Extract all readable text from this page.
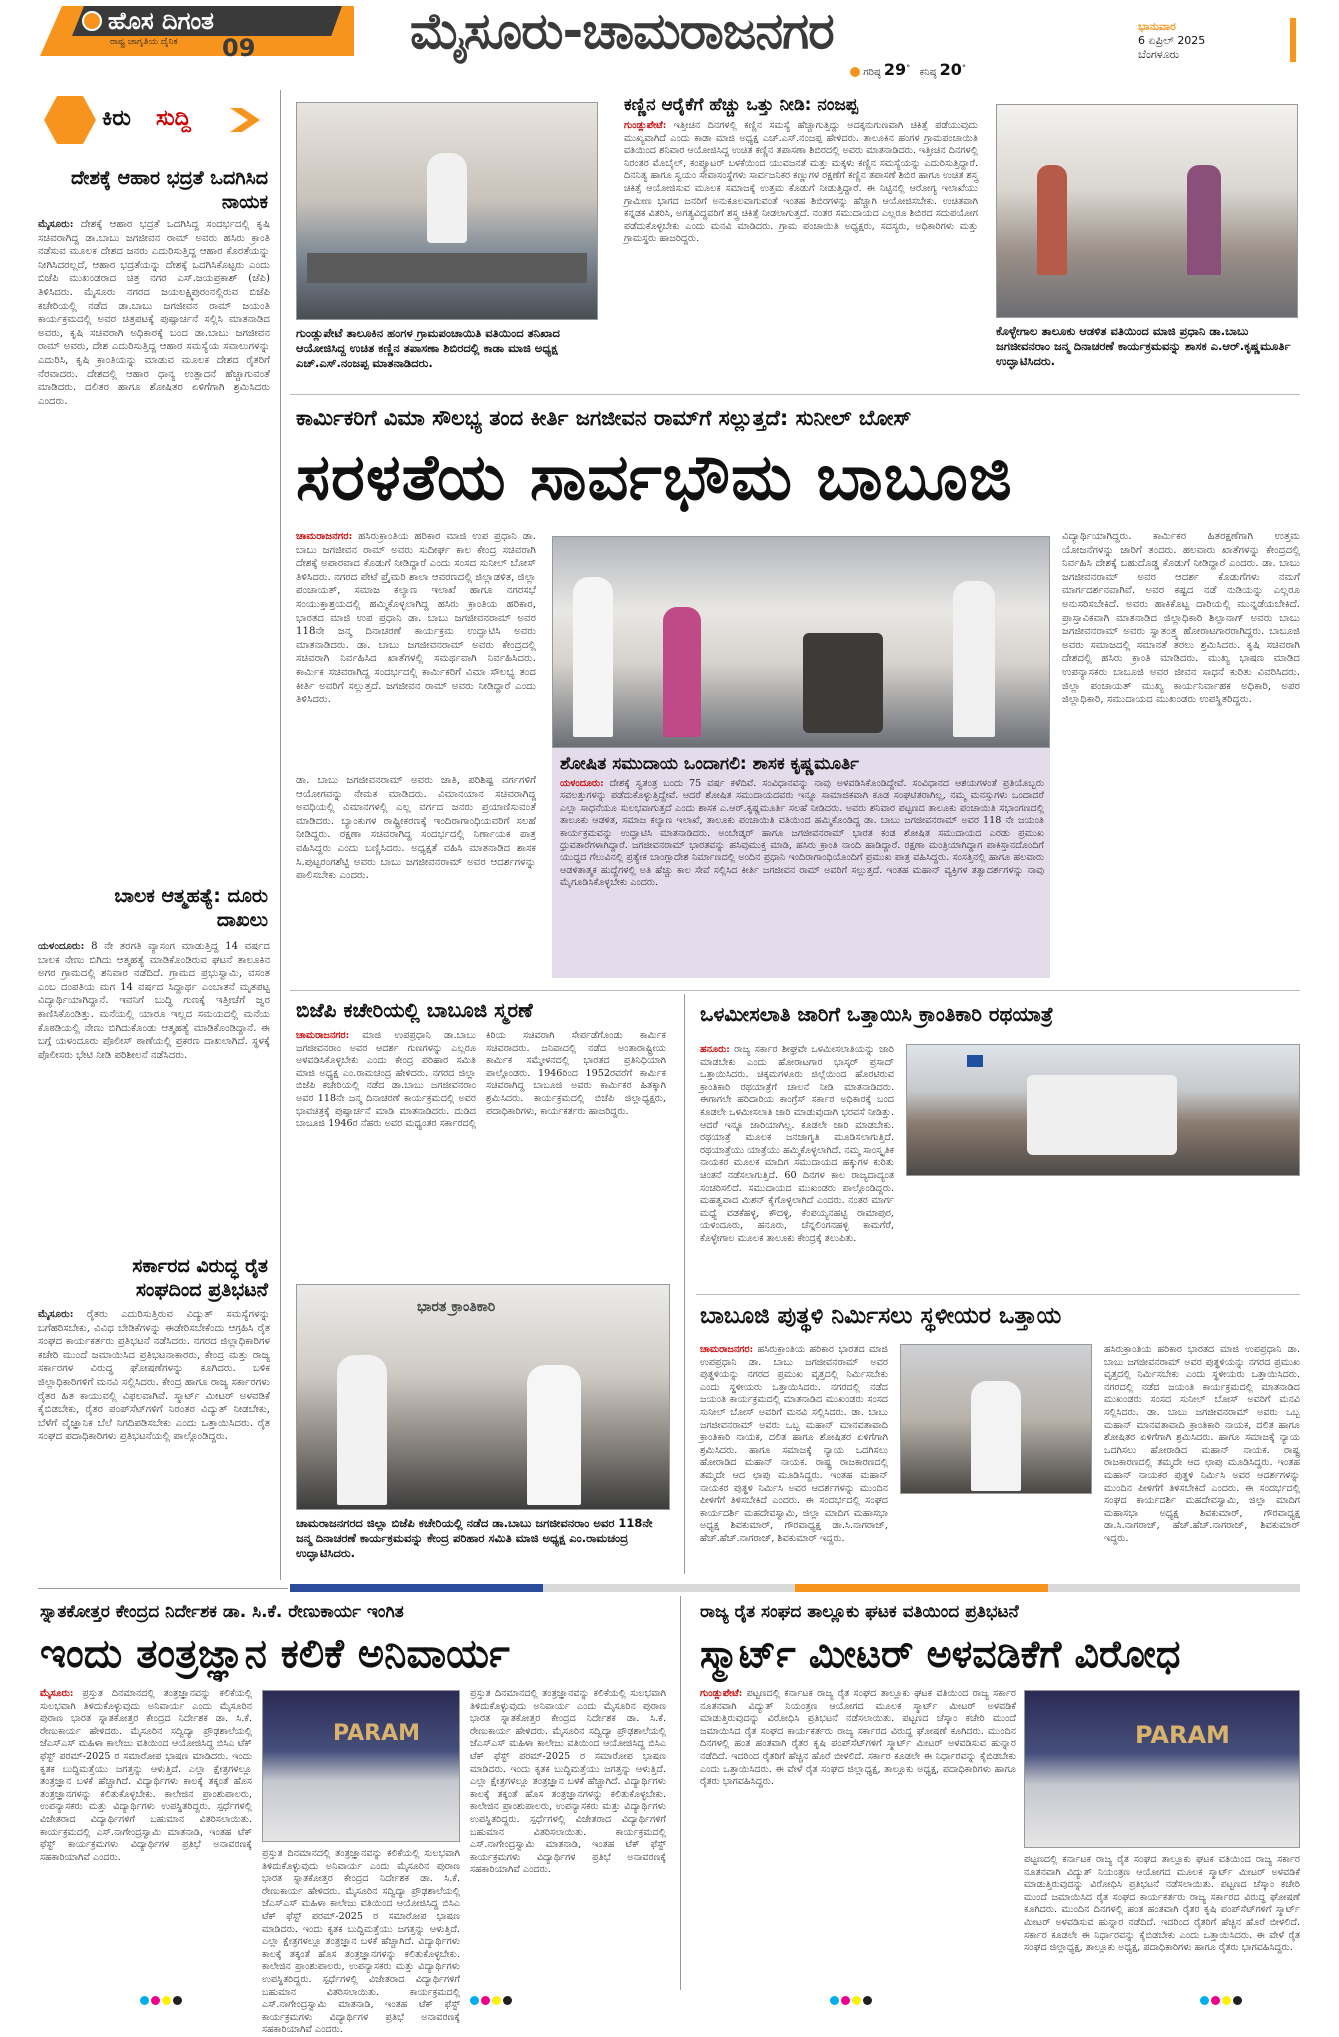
ಹೊಸ ದಿಗಂತ
ರಾಷ್ಟ್ರ ಜಾಗೃತಿಯ ದೈನಿಕ 09	ಮೈಸೂರು-ಚಾಮರಾಜನಗರ
ಗರಿಷ್ಠ 29° ಕನಿಷ್ಠ 20°
ಭಾನುವಾರ
6 ಏಪ್ರಿಲ್ 2025
ಬೆಂಗಳೂರು
ಕಿರು ಸುದ್ದಿ
ದೇಶಕ್ಕೆ ಆಹಾರ ಭದ್ರತೆ ಒದಗಿಸಿದ ನಾಯಕ
ಮೈಸೂರು: ದೇಶಕ್ಕೆ ಆಹಾರ ಭದ್ರತೆ ಒದಗಿಸಿದ್ದ ಸಂದರ್ಭದಲ್ಲಿ ಕೃಷಿ ಸಚಿವರಾಗಿದ್ದ ಡಾ.ಬಾಬು ಜಗಜೀವನ ರಾಮ್ ಅವರು ಹಸಿರು ಕ್ರಾಂತಿ ನಡೆಸುವ ಮೂಲಕ ದೇಶದ ಜನರು ಎದುರಿಸುತ್ತಿದ್ದ ಆಹಾರ ಕೊರತೆಯನ್ನು ನೀಗಿಸಿದರಲ್ಲದೆ, ಆಹಾರ ಭದ್ರತೆಯನ್ನು ದೇಶಕ್ಕೆ ಒದಗಿಸಿಕೊಟ್ಟರು ಎಂದು ಬಿಜೆಪಿ ಮುಖಂಡರಾದ ಚಿತ್ರ ನಗರ ಎಸ್.ಜಯಪ್ರಕಾಶ್ (ಜೆಪಿ) ತಿಳಿಸಿದರು. ಮೈಸೂರು ನಗರದ ಜಯಲಕ್ಷ್ಮಿಪುರಂನಲ್ಲಿರುವ ಬಿಜೆಪಿ ಕಚೇರಿಯಲ್ಲಿ ನಡೆದ ಡಾ.ಬಾಬು ಜಗಜೀವನ ರಾಮ್ ಜಯಂತಿ ಕಾರ್ಯಕ್ರಮದಲ್ಲಿ ಅವರ ಚಿತ್ರಪಟಕ್ಕೆ ಪುಷ್ಪಾರ್ಚನೆ ಸಲ್ಲಿಸಿ ಮಾತನಾಡಿದ ಅವರು, ಕೃಷಿ ಸಚಿವರಾಗಿ ಅಧಿಕಾರಕ್ಕೆ ಬಂದ ಡಾ.ಬಾಬು ಜಗಜೀವನ ರಾಮ್ ಅವರು, ದೇಶ ಎದುರಿಸುತ್ತಿದ್ದ ಆಹಾರ ಸಮಸ್ಯೆಯ ಸವಾಲುಗಳನ್ನು ಎದುರಿಸಿ, ಕೃಷಿ ಕ್ರಾಂತಿಯನ್ನು ಮಾಡುವ ಮೂಲಕ ದೇಶದ ರೈತರಿಗೆ ನೆರವಾದರು. ದೇಶದಲ್ಲಿ ಆಹಾರ ಧಾನ್ಯ ಉತ್ಪಾದನೆ ಹೆಚ್ಚಾಗುವಂತೆ ಮಾಡಿದರು. ದಲಿತರ ಹಾಗೂ ಶೋಷಿತರ ಏಳಿಗೆಗಾಗಿ ಶ್ರಮಿಸಿದರು ಎಂದರು.
ಬಾಲಕ ಆತ್ಮಹತ್ಯೆ: ದೂರು ದಾಖಲು
ಯಳಂದೂರು: 8 ನೇ ತರಗತಿ ವ್ಯಾಸಂಗ ಮಾಡುತ್ತಿದ್ದ 14 ವರ್ಷದ ಬಾಲಕ ನೇಣು ಬಿಗಿದು ಆತ್ಮಹತ್ಯೆ ಮಾಡಿಕೊಂಡಿರುವ ಘಟನೆ ತಾಲೂಕಿನ ಅಗರ ಗ್ರಾಮದಲ್ಲಿ ಶನಿವಾರ ನಡೆದಿದೆ. ಗ್ರಾಮದ ಪ್ರಭುಸ್ವಾಮಿ, ವಸಂತ ಎಂಬ ದಂಪತಿಯ ಮಗ 14 ವರ್ಷದ ಸಿದ್ದಾರ್ಥ ಎಂಬಾತನೆ ಮೃತಪಟ್ಟ ವಿದ್ಯಾರ್ಥಿಯಾಗಿದ್ದಾನೆ. ಇವನಿಗೆ ಬುದ್ಧಿ ಗುಣಕ್ಕೆ ಇತ್ತೀಚೆಗೆ ಜ್ವರ ಕಾಣಿಸಿಕೊಂಡಿತ್ತು. ಮನೆಯಲ್ಲಿ ಯಾರೂ ಇಲ್ಲದ ಸಮಯದಲ್ಲಿ ಮನೆಯ ಕೊಠಡಿಯಲ್ಲಿ ನೇಣು ಬಿಗಿದುಕೊಂಡು ಆತ್ಮಹತ್ಯೆ ಮಾಡಿಕೊಂಡಿದ್ದಾನೆ. ಈ ಬಗ್ಗೆ ಯಳಂದೂರು ಪೊಲೀಸ್ ಠಾಣೆಯಲ್ಲಿ ಪ್ರಕರಣ ದಾಖಲಾಗಿದೆ. ಸ್ಥಳಕ್ಕೆ ಪೊಲೀಸರು ಭೇಟಿ ನೀಡಿ ಪರಿಶೀಲನೆ ನಡೆಸಿದರು.
ಸರ್ಕಾರದ ವಿರುದ್ಧ ರೈತ ಸಂಘದಿಂದ ಪ್ರತಿಭಟನೆ
ಮೈಸೂರು: ರೈತರು ಎದುರಿಸುತ್ತಿರುವ ವಿದ್ಯುತ್ ಸಮಸ್ಯೆಗಳನ್ನು ಬಗೆಹರಿಸಬೇಕು, ವಿವಿಧ ಬೇಡಿಕೆಗಳನ್ನು ಈಡೇರಿಸಬೇಕೆಂದು ಆಗ್ರಹಿಸಿ ರೈತ ಸಂಘದ ಕಾರ್ಯಕರ್ತರು ಪ್ರತಿಭಟನೆ ನಡೆಸಿದರು. ನಗರದ ಜಿಲ್ಲಾಧಿಕಾರಿಗಳ ಕಚೇರಿ ಮುಂದೆ ಜಮಾಯಿಸಿದ ಪ್ರತಿಭಟನಾಕಾರರು, ಕೇಂದ್ರ ಮತ್ತು ರಾಜ್ಯ ಸರ್ಕಾರಗಳ ವಿರುದ್ಧ ಘೋಷಣೆಗಳನ್ನು ಕೂಗಿದರು. ಬಳಿಕ ಜಿಲ್ಲಾಧಿಕಾರಿಗಳಿಗೆ ಮನವಿ ಸಲ್ಲಿಸಿದರು. ಕೇಂದ್ರ ಹಾಗೂ ರಾಜ್ಯ ಸರ್ಕಾರಗಳು ರೈತರ ಹಿತ ಕಾಯುವಲ್ಲಿ ವಿಫಲವಾಗಿವೆ. ಸ್ಮಾರ್ಟ್ ಮೀಟರ್ ಅಳವಡಿಕೆ ಕೈಬಿಡಬೇಕು, ರೈತರ ಪಂಪ್‌ಸೆಟ್‌ಗಳಿಗೆ ನಿರಂತರ ವಿದ್ಯುತ್ ನೀಡಬೇಕು, ಬೆಳೆಗೆ ವೈಜ್ಞಾನಿಕ ಬೆಲೆ ನಿಗದಿಪಡಿಸಬೇಕು ಎಂದು ಒತ್ತಾಯಿಸಿದರು. ರೈತ ಸಂಘದ ಪದಾಧಿಕಾರಿಗಳು ಪ್ರತಿಭಟನೆಯಲ್ಲಿ ಪಾಲ್ಗೊಂಡಿದ್ದರು.
ಗುಂಡ್ಲುಪೇಟೆ ತಾಲೂಕಿನ ಹಂಗಳ ಗ್ರಾಮಪಂಚಾಯಿತಿ ವತಿಯಿಂದ ತನಿಖಾದ ಆಯೋಜಿಸಿದ್ದ ಉಚಿತ ಕಣ್ಣಿನ ತಪಾಸಣಾ ಶಿಬಿರದಲ್ಲಿ ಕಾಡಾ ಮಾಜಿ ಅಧ್ಯಕ್ಷ ಎಚ್.ಎಸ್.ನಂಜಪ್ಪ ಮಾತನಾಡಿದರು.
ಕಣ್ಣಿನ ಆರೈಕೆಗೆ ಹೆಚ್ಚು ಒತ್ತು ನೀಡಿ: ನಂಜಪ್ಪ
ಗುಂಡ್ಲುಪೇಟೆ: ಇತ್ತೀಚಿನ ದಿನಗಳಲ್ಲಿ ಕಣ್ಣಿನ ಸಮಸ್ಯೆ ಹೆಚ್ಚಾಗುತ್ತಿದ್ದು ಅದಕ್ಕನುಗುಣವಾಗಿ ಚಿಕಿತ್ಸೆ ಪಡೆಯುವುದು ಮುಖ್ಯವಾಗಿದೆ ಎಂದು ಕಾಡಾ ಮಾಜಿ ಅಧ್ಯಕ್ಷ ಎಚ್.ಎಸ್.ನಂಜಪ್ಪ ಹೇಳಿದರು. ತಾಲೂಕಿನ ಹಂಗಳ ಗ್ರಾಮಪಂಚಾಯಿತಿ ವತಿಯಿಂದ ಶನಿವಾರ ಆಯೋಜಿಸಿದ್ದ ಉಚಿತ ಕಣ್ಣಿನ ತಪಾಸಣಾ ಶಿಬಿರದಲ್ಲಿ ಅವರು ಮಾತನಾಡಿದರು. ಇತ್ತೀಚಿನ ದಿನಗಳಲ್ಲಿ ನಿರಂತರ ಮೊಬೈಲ್, ಕಂಪ್ಯೂಟರ್ ಬಳಕೆಯಿಂದ ಯುವಜನತೆ ಮತ್ತು ಮಕ್ಕಳು ಕಣ್ಣಿನ ಸಮಸ್ಯೆಯನ್ನು ಎದುರಿಸುತ್ತಿದ್ದಾರೆ. ದಿನನಿತ್ಯ ಹಾಗೂ ಸ್ವಯಂ ಸೇವಾಸಂಸ್ಥೆಗಳು ಸಾರ್ವಜನಿಕರ ಕಣ್ಣುಗಳ ರಕ್ಷಣೆಗೆ ಕಣ್ಣಿನ ತಪಾಸಣೆ ಶಿಬಿರ ಹಾಗೂ ಉಚಿತ ಶಸ್ತ್ರ ಚಿಕಿತ್ಸೆ ಆಯೋಜಿಸುವ ಮೂಲಕ ಸಮಾಜಕ್ಕೆ ಉತ್ತಮ ಕೊಡುಗೆ ನೀಡುತ್ತಿದ್ದಾರೆ. ಈ ನಿಟ್ಟಿನಲ್ಲಿ ಆರೋಗ್ಯ ಇಲಾಖೆಯು ಗ್ರಾಮೀಣ ಭಾಗದ ಜನರಿಗೆ ಅನುಕೂಲವಾಗುವಂತೆ ಇಂತಹ ಶಿಬಿರಗಳನ್ನು ಹೆಚ್ಚಾಗಿ ಆಯೋಜಿಸಬೇಕು. ಉಚಿತವಾಗಿ ಕನ್ನಡಕ ವಿತರಿಸಿ, ಅಗತ್ಯವಿದ್ದವರಿಗೆ ಶಸ್ತ್ರ ಚಿಕಿತ್ಸೆ ನೀಡಲಾಗುತ್ತದೆ. ನಂತರ ಸಮುದಾಯದ ಎಲ್ಲರೂ ಶಿಬಿರದ ಸದುಪಯೋಗ ಪಡೆದುಕೊಳ್ಳಬೇಕು ಎಂದು ಮನವಿ ಮಾಡಿದರು. ಗ್ರಾಮ ಪಂಚಾಯಿತಿ ಅಧ್ಯಕ್ಷರು, ಸದಸ್ಯರು, ಅಧಿಕಾರಿಗಳು ಮತ್ತು ಗ್ರಾಮಸ್ಥರು ಹಾಜರಿದ್ದರು.
ಕೊಳ್ಳೇಗಾಲ ತಾಲೂಕು ಆಡಳಿತ ವತಿಯಿಂದ ಮಾಜಿ ಪ್ರಧಾನಿ ಡಾ.ಬಾಬು ಜಗಜೀವನರಾಂ ಜನ್ಮ ದಿನಾಚರಣೆ ಕಾರ್ಯಕ್ರಮವನ್ನು ಶಾಸಕ ಎ.ಆರ್.ಕೃಷ್ಣಮೂರ್ತಿ ಉದ್ಘಾಟಿಸಿದರು.
ಕಾರ್ಮಿಕರಿಗೆ ವಿಮಾ ಸೌಲಭ್ಯ ತಂದ ಕೀರ್ತಿ ಜಗಜೀವನ ರಾಮ್‌ಗೆ ಸಲ್ಲುತ್ತದೆ: ಸುನೀಲ್ ಬೋಸ್
ಸರಳತೆಯ ಸಾರ್ವಭೌಮ ಬಾಬೂಜಿ
ಚಾಮರಾಜನಗರ: ಹಸಿರುಕ್ರಾಂತಿಯ ಹರಿಕಾರ ಮಾಜಿ ಉಪ ಪ್ರಧಾನಿ ಡಾ. ಬಾಬು ಜಗಜೀವನ ರಾಮ್ ಅವರು ಸುದೀರ್ಘ ಕಾಲ ಕೇಂದ್ರ ಸಚಿವರಾಗಿ ದೇಶಕ್ಕೆ ಅಪಾರವಾದ ಕೊಡುಗೆ ನೀಡಿದ್ದಾರೆ ಎಂದು ಸಂಸದ ಸುನೀಲ್ ಬೋಸ್ ತಿಳಿಸಿದರು. ನಗರದ ಪೇಟೆ ಪ್ರೈಮರಿ ಶಾಲಾ ಆವರಣದಲ್ಲಿ ಜಿಲ್ಲಾಡಳಿತ, ಜಿಲ್ಲಾ ಪಂಚಾಯತ್, ಸಮಾಜ ಕಲ್ಯಾಣ ಇಲಾಖೆ ಹಾಗೂ ನಗರಸಭೆ ಸಂಯುಕ್ತಾಶ್ರಯದಲ್ಲಿ ಹಮ್ಮಿಕೊಳ್ಳಲಾಗಿದ್ದ ಹಸಿರು ಕ್ರಾಂತಿಯ ಹರಿಕಾರ, ಭಾರತದ ಮಾಜಿ ಉಪ ಪ್ರಧಾನಿ ಡಾ. ಬಾಬು ಜಗಜೀವನರಾಮ್ ಅವರ 118ನೇ ಜನ್ಮ ದಿನಾಚರಣೆ ಕಾರ್ಯಕ್ರಮ ಉದ್ಘಾಟಿಸಿ ಅವರು ಮಾತನಾಡಿದರು. ಡಾ. ಬಾಬು ಜಗಜೀವನರಾಮ್ ಅವರು ಕೇಂದ್ರದಲ್ಲಿ ಸಚಿವರಾಗಿ ನಿರ್ವಹಿಸಿದ ಖಾತೆಗಳಲ್ಲಿ ಸಮರ್ಥವಾಗಿ ನಿರ್ವಹಿಸಿದರು. ಕಾರ್ಮಿಕ ಸಚಿವರಾಗಿದ್ದ ಸಂದರ್ಭದಲ್ಲಿ ಕಾರ್ಮಿಕರಿಗೆ ವಿಮಾ ಸೌಲಭ್ಯ ತಂದ ಕೀರ್ತಿ ಅವರಿಗೆ ಸಲ್ಲುತ್ತದೆ. ಜಗಜೀವನ ರಾಮ್ ಅವರು ನೀಡಿದ್ದಾರೆ ಎಂದು ತಿಳಿಸಿದರು.
ಶೋಷಿತ ಸಮುದಾಯ ಒಂದಾಗಲಿ: ಶಾಸಕ ಕೃಷ್ಣಮೂರ್ತಿ
ಯಳಂದೂರು: ದೇಶಕ್ಕೆ ಸ್ವತಂತ್ರ ಬಂದು 75 ವರ್ಷ ಕಳೆದಿವೆ. ಸಂವಿಧಾನವನ್ನು ನಾವು ಅಳವಡಿಸಿಕೊಂಡಿದ್ದೇವೆ. ಸಂವಿಧಾನದ ಆಶಯಗಳಂತೆ ಪ್ರತಿಯೊಬ್ಬರು ಸವಲತ್ತುಗಳನ್ನು ಪಡೆದುಕೊಳ್ಳುತ್ತಿದ್ದೇವೆ. ಆದರೆ ಶೋಷಿತ ಸಮುದಾಯದವರು ಇನ್ನೂ ಸಾಮಾಜಿಕವಾಗಿ ಕೂಡ ಸಂಘಟಿತರಾಗಿಲ್ಲ, ನಮ್ಮ ಮನಸ್ಸುಗಳು ಒಂದಾದರೆ ಎಲ್ಲಾ ಸಾಧನೆಯೂ ಸುಲಭವಾಗುತ್ತದೆ ಎಂದು ಶಾಸಕ ಎ.ಆರ್.ಕೃಷ್ಣಮೂರ್ತಿ ಸಲಹೆ ನೀಡಿದರು. ಅವರು ಶನಿವಾರ ಪಟ್ಟಣದ ತಾಲೂಕು ಪಂಚಾಯಿತಿ ಸಭಾಂಗಣದಲ್ಲಿ ತಾಲೂಕು ಆಡಳಿತ, ಸಮಾಜ ಕಲ್ಯಾಣ ಇಲಾಖೆ, ತಾಲೂಕು ಪಂಚಾಯಿತಿ ವತಿಯಿಂದ ಹಮ್ಮಿಕೊಂಡಿದ್ದ ಡಾ. ಬಾಬು ಜಗಜೀವನರಾಮ್ ಅವರ 118 ನೇ ಜಯಂತಿ ಕಾರ್ಯಕ್ರಮವನ್ನು ಉದ್ಘಾಟಿಸಿ ಮಾತನಾಡಿದರು. ಅಂಬೇಡ್ಕರ್ ಹಾಗೂ ಜಗಜೀವನರಾಮ್ ಭಾರತ ಕಂಡ ಶೋಷಿತ ಸಮುದಾಯದ ಎರಡು ಪ್ರಮುಖ ಧ್ರುವತಾರೆಗಳಾಗಿದ್ದಾರೆ. ಜಗಜೀವನರಾಮ್ ಭಾರತವನ್ನು ಹಸಿವುಮುಕ್ತ ಮಾಡಿ, ಹಸಿರು ಕ್ರಾಂತಿ ನಾಂದಿ ಹಾಡಿದ್ದಾರೆ. ರಕ್ಷಣಾ ಮಂತ್ರಿಯಾಗಿದ್ದಾಗ ಪಾಕಿಸ್ತಾನದೊಂದಿಗೆ ಯುದ್ಧದ ಗೆಲುವಿನಲ್ಲಿ ಪ್ರತ್ಯೇಕ ಬಾಂಗ್ಲಾದೇಶ ನಿರ್ಮಾಣದಲ್ಲಿ ಅಂದಿನ ಪ್ರಧಾನಿ ಇಂದಿರಾಗಾಂಧಿಯೊಂದಿಗೆ ಪ್ರಮುಖ ಪಾತ್ರ ವಹಿಸಿದ್ದರು. ಸಂಸತ್ತಿನಲ್ಲಿ ಹಾಗೂ ಹಲವಾರು ಆಡಳಿತಾತ್ಮಕ ಹುದ್ದೆಗಳಲ್ಲಿ ಅತಿ ಹೆಚ್ಚು ಕಾಲ ಸೇವೆ ಸಲ್ಲಿಸಿದ ಕೀರ್ತಿ ಜಗಜೀವನ ರಾಮ್ ಅವರಿಗೆ ಸಲ್ಲುತ್ತದೆ. ಇಂತಹ ಮಹಾನ್ ವ್ಯಕ್ತಿಗಳ ತತ್ವಾದರ್ಶಗಳನ್ನು ನಾವು ಮೈಗೂಡಿಸಿಕೊಳ್ಳಬೇಕು ಎಂದರು.
ಡಾ. ಬಾಬು ಜಗಜೀವನರಾಮ್ ಅವರು ಜಾತಿ, ಪರಿಶಿಷ್ಟ ವರ್ಗಗಳಿಗೆ ಆಯೋಗವನ್ನು ನೇಮಕ ಮಾಡಿದರು. ವಿಮಾನಯಾನ ಸಚಿವರಾಗಿದ್ದ ಅವಧಿಯಲ್ಲಿ ವಿಮಾನಗಳಲ್ಲಿ ಎಲ್ಲ ವರ್ಗದ ಜನರು ಪ್ರಯಾಣಿಸುವಂತೆ ಮಾಡಿದರು. ಬ್ಯಾಂಕುಗಳ ರಾಷ್ಟ್ರೀಕರಣಕ್ಕೆ ಇಂದಿರಾಗಾಂಧಿಯವರಿಗೆ ಸಲಹೆ ನೀಡಿದ್ದರು. ರಕ್ಷಣಾ ಸಚಿವರಾಗಿದ್ದ ಸಂದರ್ಭದಲ್ಲಿ ನಿರ್ಣಾಯಕ ಪಾತ್ರ ವಹಿಸಿದ್ದರು ಎಂದು ಬಣ್ಣಿಸಿದರು. ಅಧ್ಯಕ್ಷತೆ ವಹಿಸಿ ಮಾತನಾಡಿದ ಶಾಸಕ ಸಿ.ಪುಟ್ಟರಂಗಶೆಟ್ಟಿ ಅವರು ಬಾಬು ಜಗಜೀವನರಾಮ್ ಅವರ ಆದರ್ಶಗಳನ್ನು ಪಾಲಿಸಬೇಕು ಎಂದರು.
ವಿದ್ಯಾರ್ಥಿಯಾಗಿದ್ದರು. ಕಾರ್ಮಿಕರ ಹಿತರಕ್ಷಣೆಗಾಗಿ ಉತ್ತಮ ಯೋಜನೆಗಳನ್ನು ಜಾರಿಗೆ ತಂದರು. ಹಲವಾರು ಖಾತೆಗಳನ್ನು ಕೇಂದ್ರದಲ್ಲಿ ನಿರ್ವಹಿಸಿ ದೇಶಕ್ಕೆ ಬಹುದೊಡ್ಡ ಕೊಡುಗೆ ನೀಡಿದ್ದಾರೆ ಎಂದರು. ಡಾ. ಬಾಬು ಜಗಜೀವನರಾಮ್ ಅವರ ಆದರ್ಶ ಕೊಡುಗೆಗಳು ನಮಗೆ ಮಾರ್ಗದರ್ಶನವಾಗಿವೆ. ಅವರ ಕಷ್ಟದ ನಡೆ ನುಡಿಯನ್ನು ಎಲ್ಲರೂ ಅನುಸರಿಸಬೇಕಿದೆ. ಅವರು ಹಾಕಿಕೊಟ್ಟ ದಾರಿಯಲ್ಲಿ ಮುನ್ನಡೆಯಬೇಕಿದೆ. ಪ್ರಾಸ್ತಾವಿಕವಾಗಿ ಮಾತನಾಡಿದ ಜಿಲ್ಲಾಧಿಕಾರಿ ಶಿಲ್ಪಾನಾಗ್ ಅವರು ಬಾಬು ಜಗಜೀವನರಾಮ್ ಅವರು ಸ್ವಾತಂತ್ರ್ಯ ಹೋರಾಟಗಾರರಾಗಿದ್ದರು. ಬಾಬೂಜಿ ಅವರು ಸಮಾಜದಲ್ಲಿ ಸಮಾನತೆ ತರಲು ಶ್ರಮಿಸಿದರು. ಕೃಷಿ ಸಚಿವರಾಗಿ ದೇಶದಲ್ಲಿ ಹಸಿರು ಕ್ರಾಂತಿ ಮಾಡಿದರು. ಮುಖ್ಯ ಭಾಷಣ ಮಾಡಿದ ಉಪನ್ಯಾಸಕರು ಬಾಬೂಜಿ ಅವರ ಜೀವನ ಸಾಧನೆ ಕುರಿತು ವಿವರಿಸಿದರು. ಜಿಲ್ಲಾ ಪಂಚಾಯತ್ ಮುಖ್ಯ ಕಾರ್ಯನಿರ್ವಾಹಕ ಅಧಿಕಾರಿ, ಅಪರ ಜಿಲ್ಲಾಧಿಕಾರಿ, ಸಮುದಾಯದ ಮುಖಂಡರು ಉಪಸ್ಥಿತರಿದ್ದರು.
ಬಿಜೆಪಿ ಕಚೇರಿಯಲ್ಲಿ ಬಾಬೂಜಿ ಸ್ಮರಣೆ
ಚಾಮರಾಜನಗರ: ಮಾಜಿ ಉಪಪ್ರಧಾನಿ ಡಾ.ಬಾಬು ಜಗಜೀವನರಾಂ ಅವರ ಆದರ್ಶ ಗುಣಗಳನ್ನು ಎಲ್ಲರೂ ಅಳವಡಿಸಿಕೊಳ್ಳಬೇಕು ಎಂದು ಕೇಂದ್ರ ಪರಿಹಾರ ಸಮಿತಿ ಮಾಜಿ ಅಧ್ಯಕ್ಷ ಎಂ.ರಾಮಚಂದ್ರ ಹೇಳಿದರು. ನಗರದ ಜಿಲ್ಲಾ ಬಿಜೆಪಿ ಕಚೇರಿಯಲ್ಲಿ ನಡೆದ ಡಾ.ಬಾಬು ಜಗಜೀವನರಾಂ ಅವರ 118ನೇ ಜನ್ಮ ದಿನಾಚರಣೆ ಕಾರ್ಯಕ್ರಮದಲ್ಲಿ ಅವರ ಭಾವಚಿತ್ರಕ್ಕೆ ಪುಷ್ಪಾರ್ಚನೆ ಮಾಡಿ ಮಾತನಾಡಿದರು. ದುಡಿದ ಬಾಬೂಜಿ 1946ರ ನೆಹರು ಅವರ ಮಧ್ಯಂತರ ಸರ್ಕಾರದಲ್ಲಿ ಕಿರಿಯ ಸಚಿವರಾಗಿ ಸೇರ್ಪಡೆಗೊಂಡು ಕಾರ್ಮಿಕ ಸಚಿವರಾದರು. ಜನಿವಾದಲ್ಲಿ ನಡೆದ ಅಂತಾರಾಷ್ಟ್ರೀಯ ಕಾರ್ಮಿಕ ಸಮ್ಮೇಳನದಲ್ಲಿ ಭಾರತದ ಪ್ರತಿನಿಧಿಯಾಗಿ ಪಾಲ್ಗೊಂಡರು. 1946ರಿಂದ 1952ರವರೆಗೆ ಕಾರ್ಮಿಕ ಸಚಿವರಾಗಿದ್ದ ಬಾಬೂಜಿ ಅವರು ಕಾರ್ಮಿಕರ ಹಿತಕ್ಕಾಗಿ ಶ್ರಮಿಸಿದರು. ಕಾರ್ಯಕ್ರಮದಲ್ಲಿ ಬಿಜೆಪಿ ಜಿಲ್ಲಾಧ್ಯಕ್ಷರು, ಪದಾಧಿಕಾರಿಗಳು, ಕಾರ್ಯಕರ್ತರು ಹಾಜರಿದ್ದರು.
ಒಳಮೀಸಲಾತಿ ಜಾರಿಗೆ ಒತ್ತಾಯಿಸಿ ಕ್ರಾಂತಿಕಾರಿ ರಥಯಾತ್ರೆ
ಹನೂರು: ರಾಜ್ಯ ಸರ್ಕಾರ ಶೀಘ್ರವೇ ಒಳಮೀಸಲಾತಿಯನ್ನು ಜಾರಿ ಮಾಡಬೇಕು ಎಂದು ಹೋರಾಟಗಾರ ಭಾಸ್ಕರ್ ಪ್ರಸಾದ್ ಒತ್ತಾಯಿಸಿದರು. ಚಿಕ್ಕಮಗಳೂರು ಜಿಲ್ಲೆಯಿಂದ ಹೊರಟಿರುವ ಕ್ರಾಂತಿಕಾರಿ ರಥಯಾತ್ರೆಗೆ ಚಾಲನೆ ನೀಡಿ ಮಾತನಾಡಿದರು. ಈಗಾಗಲೇ ಹರಿದಾರಿಯ ಕಾಂಗ್ರೆಸ್ ಸರ್ಕಾರ ಅಧಿಕಾರಕ್ಕೆ ಬಂದ ಕೂಡಲೇ ಒಳಮೀಸಲಾತಿ ಜಾರಿ ಮಾಡುವುದಾಗಿ ಭರವಸೆ ನೀಡಿತ್ತು. ಆದರೆ ಇನ್ನೂ ಜಾರಿಯಾಗಿಲ್ಲ. ಕೂಡಲೇ ಜಾರಿ ಮಾಡಬೇಕು. ರಥಯಾತ್ರೆ ಮೂಲಕ ಜನಜಾಗೃತಿ ಮೂಡಿಸಲಾಗುತ್ತಿದೆ. ರಥಯಾತ್ರೆಯು ಯಾತ್ರೆಯು ಹಮ್ಮಿಕೊಳ್ಳಲಾಗಿದೆ. ನಮ್ಮ ಸಾಂಸ್ಕೃತಿಕ ನಾಯಕರ ಮೂಲಕ ಮಾದಿಗ ಸಮುದಾಯದ ಹಕ್ಕುಗಳ ಕುರಿತು ಚಿಂತನೆ ನಡೆಸಲಾಗುತ್ತಿದೆ. 60 ದಿನಗಳ ಕಾಲ ರಾಜ್ಯದಾದ್ಯಂತ ಸಂಚರಿಸಲಿದೆ. ಸಮುದಾಯದ ಮುಖಂಡರು ಪಾಲ್ಗೊಂಡಿದ್ದರು. ಮಹತ್ವವಾದ ಮಿಶನ್ ಕೈಗೊಳ್ಳಲಾಗಿದೆ ಎಂದರು. ನಂತರ ಮಾರ್ಗ ಮಧ್ಯೆ ವಡಕೆಹಳ್ಳ, ಕೌದಳ್ಳಿ, ಕೆಂಪಯ್ಯನಹಟ್ಟಿ ರಾಮಾಪುರ, ಯಳಂದೂರು, ಹನೂರು, ಚೆನ್ನಲಿಂಗನಹಳ್ಳಿ ಕಾಮಗೆರೆ, ಕೊಳ್ಳೇಗಾಲ ಮೂಲಕ ತಾಲೂಕು ಕೇಂದ್ರಕ್ಕೆ ತಲುಪಿತು.
ಭಾರತ ಕ್ರಾಂತಿಕಾರಿ
ಚಾಮರಾಜನಗರದ ಜಿಲ್ಲಾ ಬಿಜೆಪಿ ಕಚೇರಿಯಲ್ಲಿ ನಡೆದ ಡಾ.ಬಾಬು ಜಗಜೀವನರಾಂ ಅವರ 118ನೇ ಜನ್ಮ ದಿನಾಚರಣೆ ಕಾರ್ಯಕ್ರಮವನ್ನು ಕೇಂದ್ರ ಪರಿಹಾರ ಸಮಿತಿ ಮಾಜಿ ಅಧ್ಯಕ್ಷ ಎಂ.ರಾಮಚಂದ್ರ ಉದ್ಘಾಟಿಸಿದರು.
ಬಾಬೂಜಿ ಪುತ್ಥಳಿ ನಿರ್ಮಿಸಲು ಸ್ಥಳೀಯರ ಒತ್ತಾಯ
ಚಾಮರಾಜನಗರ: ಹಸಿರುಕ್ರಾಂತಿಯ ಹರಿಕಾರ ಭಾರತದ ಮಾಜಿ ಉಪಪ್ರಧಾನಿ ಡಾ. ಬಾಬು ಜಗಜೀವನರಾಮ್ ಅವರ ಪುತ್ಥಳಿಯನ್ನು ನಗರದ ಪ್ರಮುಖ ವೃತ್ತದಲ್ಲಿ ನಿರ್ಮಿಸಬೇಕು ಎಂದು ಸ್ಥಳೀಯರು ಒತ್ತಾಯಿಸಿದರು. ನಗರದಲ್ಲಿ ನಡೆದ ಜಯಂತಿ ಕಾರ್ಯಕ್ರಮದಲ್ಲಿ ಮಾತನಾಡಿದ ಮುಖಂಡರು ಸಂಸದ ಸುನೀಲ್ ಬೋಸ್ ಅವರಿಗೆ ಮನವಿ ಸಲ್ಲಿಸಿದರು. ಡಾ. ಬಾಬು ಜಗಜೀವನರಾಮ್ ಅವರು ಒಬ್ಬ ಮಹಾನ್ ಮಾನವತಾವಾದಿ ಕ್ರಾಂತಿಕಾರಿ ನಾಯಕ, ದಲಿತ ಹಾಗೂ ಶೋಷಿತರ ಏಳಿಗೆಗಾಗಿ ಶ್ರಮಿಸಿದರು. ಹಾಗೂ ಸಮಾಜಕ್ಕೆ ನ್ಯಾಯ ಒದಗಿಸಲು ಹೋರಾಡಿದ ಮಹಾನ್ ನಾಯಕ. ರಾಷ್ಟ್ರ ರಾಜಕಾರಣದಲ್ಲಿ ತಮ್ಮದೇ ಆದ ಛಾಪು ಮೂಡಿಸಿದ್ದರು. ಇಂತಹ ಮಹಾನ್ ನಾಯಕರ ಪುತ್ಥಳಿ ನಿರ್ಮಿಸಿ ಅವರ ಆದರ್ಶಗಳನ್ನು ಮುಂದಿನ ಪೀಳಿಗೆಗೆ ತಿಳಿಸಬೇಕಿದೆ ಎಂದರು. ಈ ಸಂದರ್ಭದಲ್ಲಿ ಸಂಘದ ಕಾರ್ಯದರ್ಶಿ ಮಹದೇವಸ್ವಾಮಿ, ಜಿಲ್ಲಾ ಮಾದಿಗ ಮಹಾಸಭಾ ಅಧ್ಯಕ್ಷ ಶಿವಕುಮಾರ್, ಗೌರವಾಧ್ಯಕ್ಷ ಡಾ.ಸಿ.ನಾಗರಾಜ್, ಹೆಚ್.ಹೆಚ್.ನಾಗರಾಜ್, ಶಿವಕುಮಾರ್ ಇದ್ದರು.
ಹಸಿರುಕ್ರಾಂತಿಯ ಹರಿಕಾರ ಭಾರತದ ಮಾಜಿ ಉಪಪ್ರಧಾನಿ ಡಾ. ಬಾಬು ಜಗಜೀವನರಾಮ್ ಅವರ ಪುತ್ಥಳಿಯನ್ನು ನಗರದ ಪ್ರಮುಖ ವೃತ್ತದಲ್ಲಿ ನಿರ್ಮಿಸಬೇಕು ಎಂದು ಸ್ಥಳೀಯರು ಒತ್ತಾಯಿಸಿದರು. ನಗರದಲ್ಲಿ ನಡೆದ ಜಯಂತಿ ಕಾರ್ಯಕ್ರಮದಲ್ಲಿ ಮಾತನಾಡಿದ ಮುಖಂಡರು ಸಂಸದ ಸುನೀಲ್ ಬೋಸ್ ಅವರಿಗೆ ಮನವಿ ಸಲ್ಲಿಸಿದರು. ಡಾ. ಬಾಬು ಜಗಜೀವನರಾಮ್ ಅವರು ಒಬ್ಬ ಮಹಾನ್ ಮಾನವತಾವಾದಿ ಕ್ರಾಂತಿಕಾರಿ ನಾಯಕ, ದಲಿತ ಹಾಗೂ ಶೋಷಿತರ ಏಳಿಗೆಗಾಗಿ ಶ್ರಮಿಸಿದರು. ಹಾಗೂ ಸಮಾಜಕ್ಕೆ ನ್ಯಾಯ ಒದಗಿಸಲು ಹೋರಾಡಿದ ಮಹಾನ್ ನಾಯಕ. ರಾಷ್ಟ್ರ ರಾಜಕಾರಣದಲ್ಲಿ ತಮ್ಮದೇ ಆದ ಛಾಪು ಮೂಡಿಸಿದ್ದರು. ಇಂತಹ ಮಹಾನ್ ನಾಯಕರ ಪುತ್ಥಳಿ ನಿರ್ಮಿಸಿ ಅವರ ಆದರ್ಶಗಳನ್ನು ಮುಂದಿನ ಪೀಳಿಗೆಗೆ ತಿಳಿಸಬೇಕಿದೆ ಎಂದರು. ಈ ಸಂದರ್ಭದಲ್ಲಿ ಸಂಘದ ಕಾರ್ಯದರ್ಶಿ ಮಹದೇವಸ್ವಾಮಿ, ಜಿಲ್ಲಾ ಮಾದಿಗ ಮಹಾಸಭಾ ಅಧ್ಯಕ್ಷ ಶಿವಕುಮಾರ್, ಗೌರವಾಧ್ಯಕ್ಷ ಡಾ.ಸಿ.ನಾಗರಾಜ್, ಹೆಚ್.ಹೆಚ್.ನಾಗರಾಜ್, ಶಿವಕುಮಾರ್ ಇದ್ದರು.
ಸ್ನಾತಕೋತ್ತರ ಕೇಂದ್ರದ ನಿರ್ದೇಶಕ ಡಾ. ಸಿ.ಕೆ. ರೇಣುಕಾರ್ಯ ಇಂಗಿತ
ಇಂದು ತಂತ್ರಜ್ಞಾನ ಕಲಿಕೆ ಅನಿವಾರ್ಯ
ಮೈಸೂರು: ಪ್ರಸ್ತುತ ದಿನಮಾನದಲ್ಲಿ ತಂತ್ರಜ್ಞಾನವನ್ನು ಕಲಿಕೆಯಲ್ಲಿ ಸುಲಭವಾಗಿ ತಿಳಿದುಕೊಳ್ಳುವುದು ಅನಿವಾರ್ಯ ಎಂದು ಮೈಸೂರಿನ ಪುರಾಣ ಭಾರತ ಸ್ನಾತಕೋತ್ತರ ಕೇಂದ್ರದ ನಿರ್ದೇಶಕ ಡಾ. ಸಿ.ಕೆ. ರೇಣುಕಾರ್ಯ ಹೇಳಿದರು. ಮೈಸೂರಿನ ಸದ್ವಿದ್ಯಾ ಪ್ರೌಢಶಾಲೆಯಲ್ಲಿ ಜೆಎಸ್‌ಎಸ್ ಮಹಿಳಾ ಕಾಲೇಜು ವತಿಯಿಂದ ಆಯೋಜಿಸಿದ್ದ ಬಿಸಿಎ ಟೆಕ್ ಫೆಸ್ಟ್ ಪರಮ್-2025 ರ ಸಮಾರೋಪ ಭಾಷಣ ಮಾಡಿದರು. ಇಂದು ಕೃತಕ ಬುದ್ಧಿಮತ್ತೆಯು ಜಗತ್ತನ್ನು ಆಳುತ್ತಿದೆ. ಎಲ್ಲಾ ಕ್ಷೇತ್ರಗಳಲ್ಲೂ ತಂತ್ರಜ್ಞಾನ ಬಳಕೆ ಹೆಚ್ಚಾಗಿದೆ. ವಿದ್ಯಾರ್ಥಿಗಳು ಕಾಲಕ್ಕೆ ತಕ್ಕಂತೆ ಹೊಸ ತಂತ್ರಜ್ಞಾನಗಳನ್ನು ಕಲಿತುಕೊಳ್ಳಬೇಕು. ಕಾಲೇಜಿನ ಪ್ರಾಂಶುಪಾಲರು, ಉಪನ್ಯಾಸಕರು ಮತ್ತು ವಿದ್ಯಾರ್ಥಿಗಳು ಉಪಸ್ಥಿತರಿದ್ದರು. ಸ್ಪರ್ಧೆಗಳಲ್ಲಿ ವಿಜೇತರಾದ ವಿದ್ಯಾರ್ಥಿಗಳಿಗೆ ಬಹುಮಾನ ವಿತರಿಸಲಾಯಿತು. ಕಾರ್ಯಕ್ರಮದಲ್ಲಿ ಎಸ್.ನಾಗೇಂದ್ರಸ್ವಾಮಿ ಮಾತನಾಡಿ, ಇಂತಹ ಟೆಕ್ ಫೆಸ್ಟ್ ಕಾರ್ಯಕ್ರಮಗಳು ವಿದ್ಯಾರ್ಥಿಗಳ ಪ್ರತಿಭೆ ಅನಾವರಣಕ್ಕೆ ಸಹಕಾರಿಯಾಗಿವೆ ಎಂದರು.
PARAM
ಪ್ರಸ್ತುತ ದಿನಮಾನದಲ್ಲಿ ತಂತ್ರಜ್ಞಾನವನ್ನು ಕಲಿಕೆಯಲ್ಲಿ ಸುಲಭವಾಗಿ ತಿಳಿದುಕೊಳ್ಳುವುದು ಅನಿವಾರ್ಯ ಎಂದು ಮೈಸೂರಿನ ಪುರಾಣ ಭಾರತ ಸ್ನಾತಕೋತ್ತರ ಕೇಂದ್ರದ ನಿರ್ದೇಶಕ ಡಾ. ಸಿ.ಕೆ. ರೇಣುಕಾರ್ಯ ಹೇಳಿದರು. ಮೈಸೂರಿನ ಸದ್ವಿದ್ಯಾ ಪ್ರೌಢಶಾಲೆಯಲ್ಲಿ ಜೆಎಸ್‌ಎಸ್ ಮಹಿಳಾ ಕಾಲೇಜು ವತಿಯಿಂದ ಆಯೋಜಿಸಿದ್ದ ಬಿಸಿಎ ಟೆಕ್ ಫೆಸ್ಟ್ ಪರಮ್-2025 ರ ಸಮಾರೋಪ ಭಾಷಣ ಮಾಡಿದರು. ಇಂದು ಕೃತಕ ಬುದ್ಧಿಮತ್ತೆಯು ಜಗತ್ತನ್ನು ಆಳುತ್ತಿದೆ. ಎಲ್ಲಾ ಕ್ಷೇತ್ರಗಳಲ್ಲೂ ತಂತ್ರಜ್ಞಾನ ಬಳಕೆ ಹೆಚ್ಚಾಗಿದೆ. ವಿದ್ಯಾರ್ಥಿಗಳು ಕಾಲಕ್ಕೆ ತಕ್ಕಂತೆ ಹೊಸ ತಂತ್ರಜ್ಞಾನಗಳನ್ನು ಕಲಿತುಕೊಳ್ಳಬೇಕು. ಕಾಲೇಜಿನ ಪ್ರಾಂಶುಪಾಲರು, ಉಪನ್ಯಾಸಕರು ಮತ್ತು ವಿದ್ಯಾರ್ಥಿಗಳು ಉಪಸ್ಥಿತರಿದ್ದರು. ಸ್ಪರ್ಧೆಗಳಲ್ಲಿ ವಿಜೇತರಾದ ವಿದ್ಯಾರ್ಥಿಗಳಿಗೆ ಬಹುಮಾನ ವಿತರಿಸಲಾಯಿತು. ಕಾರ್ಯಕ್ರಮದಲ್ಲಿ ಎಸ್.ನಾಗೇಂದ್ರಸ್ವಾಮಿ ಮಾತನಾಡಿ, ಇಂತಹ ಟೆಕ್ ಫೆಸ್ಟ್ ಕಾರ್ಯಕ್ರಮಗಳು ವಿದ್ಯಾರ್ಥಿಗಳ ಪ್ರತಿಭೆ ಅನಾವರಣಕ್ಕೆ ಸಹಕಾರಿಯಾಗಿವೆ ಎಂದರು.
ಪ್ರಸ್ತುತ ದಿನಮಾನದಲ್ಲಿ ತಂತ್ರಜ್ಞಾನವನ್ನು ಕಲಿಕೆಯಲ್ಲಿ ಸುಲಭವಾಗಿ ತಿಳಿದುಕೊಳ್ಳುವುದು ಅನಿವಾರ್ಯ ಎಂದು ಮೈಸೂರಿನ ಪುರಾಣ ಭಾರತ ಸ್ನಾತಕೋತ್ತರ ಕೇಂದ್ರದ ನಿರ್ದೇಶಕ ಡಾ. ಸಿ.ಕೆ. ರೇಣುಕಾರ್ಯ ಹೇಳಿದರು. ಮೈಸೂರಿನ ಸದ್ವಿದ್ಯಾ ಪ್ರೌಢಶಾಲೆಯಲ್ಲಿ ಜೆಎಸ್‌ಎಸ್ ಮಹಿಳಾ ಕಾಲೇಜು ವತಿಯಿಂದ ಆಯೋಜಿಸಿದ್ದ ಬಿಸಿಎ ಟೆಕ್ ಫೆಸ್ಟ್ ಪರಮ್-2025 ರ ಸಮಾರೋಪ ಭಾಷಣ ಮಾಡಿದರು. ಇಂದು ಕೃತಕ ಬುದ್ಧಿಮತ್ತೆಯು ಜಗತ್ತನ್ನು ಆಳುತ್ತಿದೆ. ಎಲ್ಲಾ ಕ್ಷೇತ್ರಗಳಲ್ಲೂ ತಂತ್ರಜ್ಞಾನ ಬಳಕೆ ಹೆಚ್ಚಾಗಿದೆ. ವಿದ್ಯಾರ್ಥಿಗಳು ಕಾಲಕ್ಕೆ ತಕ್ಕಂತೆ ಹೊಸ ತಂತ್ರಜ್ಞಾನಗಳನ್ನು ಕಲಿತುಕೊಳ್ಳಬೇಕು. ಕಾಲೇಜಿನ ಪ್ರಾಂಶುಪಾಲರು, ಉಪನ್ಯಾಸಕರು ಮತ್ತು ವಿದ್ಯಾರ್ಥಿಗಳು ಉಪಸ್ಥಿತರಿದ್ದರು. ಸ್ಪರ್ಧೆಗಳಲ್ಲಿ ವಿಜೇತರಾದ ವಿದ್ಯಾರ್ಥಿಗಳಿಗೆ ಬಹುಮಾನ ವಿತರಿಸಲಾಯಿತು. ಕಾರ್ಯಕ್ರಮದಲ್ಲಿ ಎಸ್.ನಾಗೇಂದ್ರಸ್ವಾಮಿ ಮಾತನಾಡಿ, ಇಂತಹ ಟೆಕ್ ಫೆಸ್ಟ್ ಕಾರ್ಯಕ್ರಮಗಳು ವಿದ್ಯಾರ್ಥಿಗಳ ಪ್ರತಿಭೆ ಅನಾವರಣಕ್ಕೆ ಸಹಕಾರಿಯಾಗಿವೆ ಎಂದರು.
ರಾಜ್ಯ ರೈತ ಸಂಘದ ತಾಲ್ಲೂಕು ಘಟಕ ವತಿಯಿಂದ ಪ್ರತಿಭಟನೆ
ಸ್ಮಾರ್ಟ್ ಮೀಟರ್ ಅಳವಡಿಕೆಗೆ ವಿರೋಧ
ಗುಂಡ್ಲುಪೇಟೆ: ಪಟ್ಟಣದಲ್ಲಿ ಕರ್ನಾಟಕ ರಾಜ್ಯ ರೈತ ಸಂಘದ ತಾಲ್ಲೂಕು ಘಟಕ ವತಿಯಿಂದ ರಾಜ್ಯ ಸರ್ಕಾರ ನೂತನವಾಗಿ ವಿದ್ಯುತ್ ನಿಯಂತ್ರಣ ಆಯೋಗದ ಮೂಲಕ ಸ್ಮಾರ್ಟ್ ಮೀಟರ್ ಅಳವಡಿಕೆ ಮಾಡುತ್ತಿರುವುದನ್ನು ವಿರೋಧಿಸಿ ಪ್ರತಿಭಟನೆ ನಡೆಸಲಾಯಿತು. ಪಟ್ಟಣದ ಚೆಸ್ಕಾಂ ಕಚೇರಿ ಮುಂದೆ ಜಮಾಯಿಸಿದ ರೈತ ಸಂಘದ ಕಾರ್ಯಕರ್ತರು ರಾಜ್ಯ ಸರ್ಕಾರದ ವಿರುದ್ಧ ಘೋಷಣೆ ಕೂಗಿದರು. ಮುಂದಿನ ದಿನಗಳಲ್ಲಿ ಹಂತ ಹಂತವಾಗಿ ರೈತರ ಕೃಷಿ ಪಂಪ್‌ಸೆಟ್‌ಗಳಿಗೆ ಸ್ಮಾರ್ಟ್ ಮೀಟರ್ ಅಳವಡಿಸುವ ಹುನ್ನಾರ ನಡೆದಿದೆ. ಇದರಿಂದ ರೈತರಿಗೆ ಹೆಚ್ಚಿನ ಹೊರೆ ಬೀಳಲಿದೆ. ಸರ್ಕಾರ ಕೂಡಲೇ ಈ ನಿರ್ಧಾರವನ್ನು ಕೈಬಿಡಬೇಕು ಎಂದು ಒತ್ತಾಯಿಸಿದರು. ಈ ವೇಳೆ ರೈತ ಸಂಘದ ಜಿಲ್ಲಾಧ್ಯಕ್ಷ, ತಾಲ್ಲೂಕು ಅಧ್ಯಕ್ಷ, ಪದಾಧಿಕಾರಿಗಳು ಹಾಗೂ ರೈತರು ಭಾಗವಹಿಸಿದ್ದರು.
PARAM
ಪಟ್ಟಣದಲ್ಲಿ ಕರ್ನಾಟಕ ರಾಜ್ಯ ರೈತ ಸಂಘದ ತಾಲ್ಲೂಕು ಘಟಕ ವತಿಯಿಂದ ರಾಜ್ಯ ಸರ್ಕಾರ ನೂತನವಾಗಿ ವಿದ್ಯುತ್ ನಿಯಂತ್ರಣ ಆಯೋಗದ ಮೂಲಕ ಸ್ಮಾರ್ಟ್ ಮೀಟರ್ ಅಳವಡಿಕೆ ಮಾಡುತ್ತಿರುವುದನ್ನು ವಿರೋಧಿಸಿ ಪ್ರತಿಭಟನೆ ನಡೆಸಲಾಯಿತು. ಪಟ್ಟಣದ ಚೆಸ್ಕಾಂ ಕಚೇರಿ ಮುಂದೆ ಜಮಾಯಿಸಿದ ರೈತ ಸಂಘದ ಕಾರ್ಯಕರ್ತರು ರಾಜ್ಯ ಸರ್ಕಾರದ ವಿರುದ್ಧ ಘೋಷಣೆ ಕೂಗಿದರು. ಮುಂದಿನ ದಿನಗಳಲ್ಲಿ ಹಂತ ಹಂತವಾಗಿ ರೈತರ ಕೃಷಿ ಪಂಪ್‌ಸೆಟ್‌ಗಳಿಗೆ ಸ್ಮಾರ್ಟ್ ಮೀಟರ್ ಅಳವಡಿಸುವ ಹುನ್ನಾರ ನಡೆದಿದೆ. ಇದರಿಂದ ರೈತರಿಗೆ ಹೆಚ್ಚಿನ ಹೊರೆ ಬೀಳಲಿದೆ. ಸರ್ಕಾರ ಕೂಡಲೇ ಈ ನಿರ್ಧಾರವನ್ನು ಕೈಬಿಡಬೇಕು ಎಂದು ಒತ್ತಾಯಿಸಿದರು. ಈ ವೇಳೆ ರೈತ ಸಂಘದ ಜಿಲ್ಲಾಧ್ಯಕ್ಷ, ತಾಲ್ಲೂಕು ಅಧ್ಯಕ್ಷ, ಪದಾಧಿಕಾರಿಗಳು ಹಾಗೂ ರೈತರು ಭಾಗವಹಿಸಿದ್ದರು.
